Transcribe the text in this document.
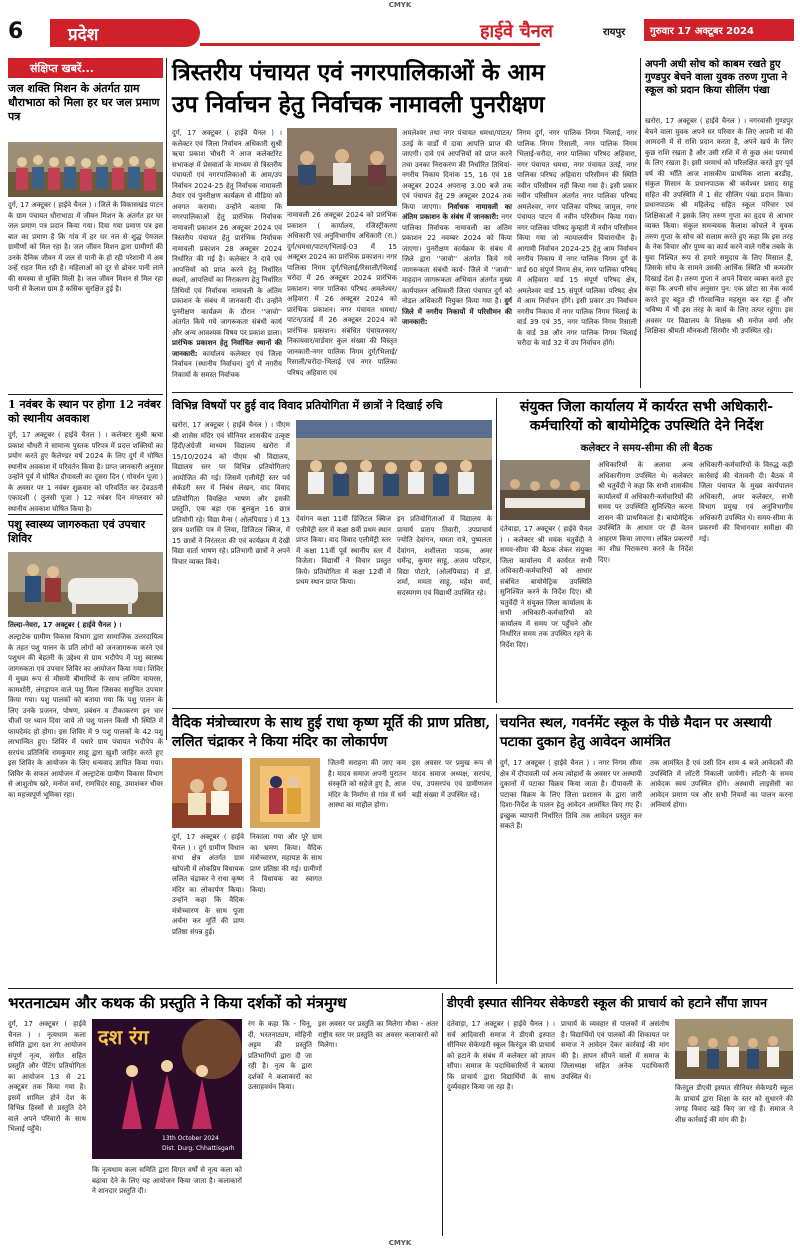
CMYK
CMYK
6	प्रदेश	हाईवे चैनल	रायपुर	गुरुवार 17 अक्टूबर 2024
संक्षिप्त खबरें...
जल शक्ति मिशन के अंतर्गत ग्राम धौराभाठा को मिला हर घर जल प्रमाण पत्र
दुर्ग, 17 अक्टूबर ( हाईवे चैनल ) । जिले के विकासखंड पाटन के ग्राम पंचायत धौराभाठा में जीवन मिशन के अंतर्गत हर घर जल प्रमाण पत्र प्रदान किया गया। दिया गया प्रमाण पत्र इस बात का प्रमाण है कि गांव में हर घर नल से शुद्ध पेयजल ग्रामीणों को मिल रहा है। जल जीवन मिशन द्वारा ग्रामीणों की उनके दैनिक जीवन में जल से पानी के हो रही परेशानी में अब उन्हें राहत मिल रही है। महिलाओं को दूर से ढोकर पानी लाने की समस्या से मुक्ति मिली है। जल जीवन मिशन से मिल रहा पानी से कैलाश ग्राम है कसिक सुरक्षित हुई है।
1 नवंबर के स्थान पर होगा 12 नवंबर को स्थानीय अवकाश
दुर्ग, 17 अक्टूबर ( हाईवे चैनल ) । कलेक्टर सुश्री ऋचा प्रकाश चौधरी ने सामान्य पुस्तक परिपत्र में प्रदत्त शक्तियों का प्रयोग करते हुए कैलेण्डर वर्ष 2024 के लिए दुर्ग में घोषित स्थानीय अवकाश में परिवर्तन किया है। प्राप्त जानकारी अनुसार उन्होंने पूर्व में घोषित दीपावली का दूसरा दिन ( गोवर्धन पूजा ) के अवसर पर 1 नवंबर शुक्रवार को परिवर्तित कर देवउठनी एकादशी ( तुलसी पूजा ) 12 नवंबर दिन मंगलवार को स्थानीय अवकाश घोषित किया है।
पशु स्वास्थ्य जागरुकता एवं उपचार शिविर
तिल्दा-नेवरा, 17 अक्टूबर ( हाईवे चैनल ) ।
अल्ट्राटेक ग्रामीण विकास विभाग द्वारा सामाजिक उत्तरदायित्व के तहत पशु पालन के प्रति लोगों को जनजागरूक करने एवं पशुधन की बेहतरी के उद्देश्य से ग्राम भदौपेप में पशु स्वास्थ्य जागरुकता एवं उपचार शिविर का आयोजन किया गया। शिविर में मुख्य रूप से मौसमी बीमारियों के साथ लम्पिग वायरस, कामशोरी, लंगड़ापन वाले पशु मिला जिसका समुचित उपचार किया गया। पशु पालकों को बताया गया कि पशु पालन के लिए उनके प्रजनन, पोषण, प्रबंधन व टीकाकरण इन चार चीजों पर ध्यान दिया जाये तो पशु पालन किसी भी स्थिति में फायदेमंद हो होगा। इस शिविर में 9 पशु पालकों के 42 पशु लाभान्वित हुए। शिविर में पधारे ग्राम पंचायत भदौपेप के सरपंच प्रतिनिधि रामकुमार साहू द्वारा खुशी जाहिर करते हुए इस शिविर के आयोजन के लिए धन्यवाद ज्ञापित किया गया। शिविर के सफल आयोजन में अल्ट्राटेक ग्रामीण विकास विभाग से आशुतोष खरे, मनोज वर्मा, रामचिदंर साहू, उमाशंकर धीवर का महत्त्वपूर्ण भूमिका रहा।
त्रिस्तरीय पंचायत एवं नगरपालिकाओं के आम
उप निर्वाचन हेतु निर्वाचक नामावली पुनरीक्षण
दुर्ग, 17 अक्टूबर ( हाईवे चैनल ) । कलेक्टर एवं जिला निर्वाचन अधिकारी सुश्री ऋचा प्रकाश चौधरी ने आज कलेक्टोरेट सभाकक्ष में प्रेसवार्ता के माध्यम से त्रिस्तरीय पंचायतों एवं नगरपालिकाओं के आम/उप निर्वाचन 2024-25 हेतु निर्वाचक नामावली तैयार एवं पुनरीक्षण कार्यक्रम से मीडिया को अवगत कराया। उन्होंने बताया कि नगरपालिकाओं हेतु प्रारंभिक निर्वाचक नामावली प्रकाशन 26 अक्टूबर 2024 एवं त्रिस्तरीय पंचायत हेतु प्रारंभिक निर्वाचक नामावली प्रकाशन 28 अक्टूबर 2024 निर्धारित की गई है। कलेक्टर ने दावे एवं आपत्तियों को प्राप्त करने हेतु निर्धारित स्थलों, आपत्तियों का निराकरण हेतु निर्धारित तिथियों एवं निर्वाचक नामावली के अंतिम प्रकाशन के संबंध में जानकारी दी। उन्होंने पुनरीक्षण कार्यक्रम के दौरान ''जावो'' अंतर्गत किये गये जागरूकता संबंधी कार्य और अन्य आवश्यक विषय पर प्रकाश डाला। प्रारंभिक प्रकाशन हेतु निर्वाचित स्थानों की जानकारी: कार्यालय कलेक्टर एवं जिला निर्वाचन (स्थानीय निर्वाचन) दुर्ग में नगरीय निकायों के समस्त निर्वाचक
नामावली 26 अक्टूबर 2024 को प्रारंभिक प्रकाशन ( कार्यालय, रजिस्ट्रीकरण अधिकारी एवं अनुविभागीय अधिकारी (रा.) दुर्ग/धमधा/पाटन/भिलाई-03 में 15 अक्टूबर 2024 का प्रारंभिक प्रकाशन। नगर पालिका निगम दुर्ग/भिलाई/रिसाली/भिलाई चरोदा में 26 अक्टूबर 2024 प्रारंभिक प्रकाशन। नगर पालिका परिषद अमलेश्वर/अहिवारा में 26 अक्टूबर 2024 को प्रारंभिक प्रकाशन। नगर पंचायत धमधा/पाटन/उतई में 26 अक्टूबर 2024 को प्रारंभिक प्रकाशन। संबंधित पंचायतकार/निकायवार/वार्डवार कुल संख्या की विस्तृत जानकारी-नगर पालिक निगम दुर्ग/भिलाई/रिसाली/चरोदा-भिलाई एवं नगर पालिका परिषद अहिवारा एवं
अमलेश्वर तथा नगर पंचायत धमधा/पाटन/उतई के वार्डों में दावा आपत्ति प्राप्त की जाएगी। दावे एवं आपत्तियों को प्राप्त करने तथा उनका निराकरण की निर्धारित तिथियां-नगरीय निकाय दिनांक 15, 16 एवं 18 अक्टूबर 2024 अपरान्ह 3.00 बजे तक एवं पंचायत हेतु 29 अक्टूबर 2024 तक किया जाएगा। निर्वाचक नामावली का अंतिम प्रकाशन के संबंध में जानकारी: नगर पालिका निर्वाचक नामावली का अंतिम प्रकाशन 22 नवम्बर 2024 को किया जाएगा। पुनरीक्षण कार्यक्रम के संबंध में जिले द्वारा ''जावो'' अंतर्गत किये गये जागरूकता संबंधी कार्य- जिले में ''जावो'' माहदान जागरूकता अभियान अंतर्गत मुख्य कार्यपालन अधिकारी जिला पंचायत दुर्ग को नोडल अधिकारी नियुक्त किया गया है। दुर्ग जिले में नगरीय निकायों में परिसीमन की जानकारी:
निगम दुर्ग, नगर पालिक निगम भिलाई, नगर पालिक निगम रिसाली, नगर पालिक निगम भिलाई-चरौदा, नगर पालिका परिषद अहिवारा, नगर पंचायत धमधा, नगर पंचायत उतई, नगर पालिका परिषद अहिवारा परिसीमन की स्थिति नवीन परिसीमन नहीं किया गया है। इसी प्रकार नवीन परिसीमन अंतर्गत नगर पालिका परिषद अमलेश्वर, नगर पालिका परिषद जामुल, नगर पंचायत पाटन में नवीन परिसीमन किया गया। नगर पालिका परिषद कुम्हारी में नवीन परिसीमन किया गया जो न्यायालयीन विचाराधीन है। आगामी निर्वाचन 2024-25 हेतु आम निर्वाचन नगरीय निकाय में नगर पालिक निगम दुर्ग के वार्ड 60 संपूर्ण निगम क्षेत्र, नगर पालिका परिषद में अहिवारा वार्ड 15 संपूर्ण परिषद क्षेत्र, अमलेश्वर वार्ड 15 संपूर्ण पालिका परिषद क्षेत्र में आम निर्वाचन होंगे। इसी प्रकार उप निर्वाचन नगरीय निकाय में नगर पालिक निगम भिलाई के वार्ड 39 एवं 35, नगर पालिक निगम रिसाली के वार्ड 38 और नगर पालिक निगम भिलाई चरौदा के वार्ड 32 में उप निर्वाचन होंगे।
अपनी अधी सोच को काबम रखते हुए गुण्डपुर बेचने वाला युवक तरुण गुप्ता ने स्कूल को प्रदान किया सीलिंग पंखा
खरोरा, 17 अक्टूबर ( हाईवे चैनल ) । नगरवासी गुण्डपुर बेचने वाला युवक अपने घर परिवार के लिए अपनी मां की आमदनी में से राशि प्रदान करता है, अपने खर्च के लिए कुछ राशि रखता है और उसी राशि में से कुछ अंश परमार्थ के लिए रखता है। इसी परमार्थ को परिलक्षित करते हुए पूर्व वर्ष की भाँति आज शासकीय प्राथमिक शाला बरडीह, संकुल मिसान के प्रधानपाठक श्री कमेश्वर प्रसाद साहू सहित की उपस्थिति में 1 सेट सीलिंग पंखा प्रदान किया। प्रधानपाठक श्री महिलेन्द्र सहित स्कूल परिवार एवं शिक्षिकाओं ने इसके लिए तरुण गुप्ता का हृदय से आभार व्यक्त किया। संकुल समन्वयक कैलाश कोचले ने युवक तरुण गुप्ता के सोच को सलाम करते हुए कहा कि इस तरह के नेक विचार और पुण्य का कार्य करने वाले गरीब तबके के युवा निश्चित रूप से हमारे समुदाय के लिए मिसाल हैं, जिसके सोच के सामने उसकी आर्थिक स्थिति भी कमजोर दिखाई देता है। तरुण गुप्ता ने अपने विचार व्यक्त करते हुए कहा कि अपनी सोच अनुसार पुन: एक छोटा सा नेक कार्य करते हुए बहुत ही गौरवान्वित महसूस कर रहा हूँ और भविष्य में भी इस तरह के कार्य के लिए तत्पर रहूंगा। इस अवसर पर विद्यालय के शिक्षक श्री मनोज वर्मा और शिक्षिका श्रीमती मौनकशी सिरमौर भी उपस्थित रहे।
विभिन्न विषयों पर हुई वाद विवाद प्रतियोगिता में छात्रों ने दिखाई रुचि
खरोरा, 17 अक्टूबर ( हाईवे चैनल ) । पीएम श्री शासेस मंदिर एवं सीनियर शासकीय उत्कृष्ट हिंदी/अंग्रेजी माध्यम विद्यालय खरोरा में 15/10/2024 को पीएम श्री विद्यालय, विद्यालय स्तर पर विभिन्न प्रतियोगिताएं आयोजित की गई। जिसमें एलीमेंट्री स्तर पर्व सेकेंडरी स्तर में निबंध लेखन, वाद विवाद प्रतियोगिता विवक्षित भाषण और इसकी प्रस्तुति, एक बड़ा एक बुलबुल 16 छात्र प्रतियोगी रहे। विद्या मैन्स ( ओलंपियाड ) में 13 छात्र प्रशस्ति पत्र में लिया, डिजिटल क्विज, में 15 छात्रों ने निरंतरता की एवं कार्यक्रम में देखी विद्या वार्ता भाषण रहे। प्रतिभागी छात्रों ने अपने विचार व्यक्त किये।
देवांगन कक्षा 11वीं डिजिटल क्विज एलीमेंट्री स्तर में कक्षा 8वीं प्रथम स्थान प्राप्त किया। वाद विवाद एलीमेंट्री स्तर में कक्षा 11वीं पूर्व स्थानीय स्तर में विजेता। विद्यार्थी ने विचार प्रस्तुत किये। प्रतियोगिता में कक्षा 12वीं में प्रथम स्थान प्राप्त किया।
इन प्रतियोगिताओं में विद्यालय के प्राचार्य प्रताप तिवारी, उपप्राचार्य ज्योति देवांगन, ममता रात्रे, पुष्पलता देवांगन, शशीलता पाठक, अमर धर्मेन्द्र, कुमार साहू, अजय परिहार, विद्या पोटारे, (ओलंपियाड) में डॉ. शर्मा, ममता साहू, महेश वर्मा, सदस्यगण एवं विद्यार्थी उपस्थित रहे।
संयुक्त जिला कार्यालय में कार्यरत सभी अधिकारी-कर्मचारियों को बायोमेट्रिक उपस्थिति देने निर्देश
कलेक्टर ने समय-सीमा की ली बैठक
दंतेवाड़ा, 17 अक्टूबर ( हाईवे चैनल ) । कलेक्टर श्री मयंक चतुर्वेदी ने समय-सीमा की बैठक लेकर संयुक्त जिला कार्यालय में कार्यरत सभी अधिकारी-कर्मचारियों को आधार संबंधित बायोमेट्रिक उपस्थिति सुनिश्चित करने के निर्देश दिए। श्री चतुर्वेदी ने संयुक्त जिला कार्यालय के सभी अधिकारी-कर्मचारियों को कार्यालय में समय पर पहुँचने और निर्धारित समय तक उपस्थित रहने के निर्देश दिए।
अधिकारियों के अलावा अन्य अधिकारीगण उपस्थित थे। कलेक्टर श्री चतुर्वेदी ने कहा कि सभी शासकीय कार्यालयों में अधिकारी-कर्मचारियों की समय पर उपस्थिति सुनिश्चित करना शासन की प्राथमिकता है। बायोमेट्रिक उपस्थिति के आधार पर ही वेतन आहरण किया जाएगा। लंबित प्रकरणों का शीघ्र निराकरण करने के निर्देश दिए।
अधिकारी-कर्मचारियों के विरुद्ध कड़ी कार्रवाई की चेतावनी दी। बैठक में जिला पंचायत के मुख्य कार्यपालन अधिकारी, अपर कलेक्टर, सभी विभाग प्रमुख एवं अनुविभागीय अधिकारी उपस्थित थे। समय-सीमा के प्रकरणों की विभागवार समीक्षा की गई।
वैदिक मंत्रोच्चारण के साथ हुई राधा कृष्ण मूर्ति की प्राण प्रतिष्ठा, ललित चंद्राकर ने किया मंदिर का लोकार्पण
दुर्ग, 17 अक्टूबर ( हाईवे चैनल ) । दुर्ग ग्रामीण विधान सभा क्षेत्र अंतर्गत ग्राम खोपली में लोकप्रिय विधायक ललित चंद्राकर ने राधा कृष्ण मंदिर का लोकार्पण किया। उन्होंने कहा कि वैदिक मंत्रोच्चारण के साथ पूजा अर्चना कर मूर्ति की प्राण प्रतिष्ठा संपन्न हुई।
निकाला गया और पूरे ग्राम का भ्रमण किया। वैदिक मंत्रोच्चारण, महायज्ञ के साथ प्राण प्रतिष्ठा की गई। ग्रामीणों ने विधायक का स्वागत किया।
जितनी सराहना की जाए कम है। यादव समाज अपनी पुरातन संस्कृति को सहेजे हुए है, आज मंदिर के निर्माण से गांव में धर्म आस्था का माहौल होगा।
इस अवसर पर प्रमुख रूप से यादव समाज अध्यक्ष, सरपंच, पंच, उपसरपंच एवं ग्रामीणजन बड़ी संख्या में उपस्थित रहे।
चयनित स्थल, गवर्नमेंट स्कूल के पीछे मैदान पर अस्थायी पटाका दुकान हेतु आवेदन आमंत्रित
दुर्ग, 17 अक्टूबर ( हाईवे चैनल ) । नगर निगम सीमा क्षेत्र में दीपावली पर्व अन्य त्योहारों के अवसर पर अस्थायी दुकानों में पटाका विक्रय किया जाता है। दीपावली के पटाका विक्रय के लिए जिला प्रशासन के द्वारा जारी दिशा-निर्देश के पालन हेतु आवेदन आमंत्रित किए गए हैं। इच्छुक व्यापारी निर्धारित तिथि तक आवेदन प्रस्तुत कर सकते हैं।
तक आमंत्रित है एवं उसी दिन शाम 4 बजे आवेदकों की उपस्थिति में लॉटरी निकाली जायेगी। लॉटरी के समय आवेदक स्वयं उपस्थित होंगे। अस्थायी लाइसेंसी का आवेदन प्रमाण पत्र और सभी नियमों का पालन करना अनिवार्य होगा।
भरतनाट्यम और कथक की प्रस्तुति ने किया दर्शकों को मंत्रमुग्ध
दुर्ग, 17 अक्टूबर ( हाईवे चैनल ) । नृत्यधाम कला समिति द्वारा दश रंग आयोजन संपूर्ण नृत्य, संगीत सहित प्रस्तुति और पेंटिंग प्रतियोगिता का आयोजन 13 से 21 अक्टूबर तक किया गया है। इसमें शामिल होने देश के विभिन्न हिस्सों से प्रस्तुति देने वाले अपने परिवारों के साथ भिलाई पहुँचे।
दश रंग
13th October 2024
Dist. Durg, Chhattisgarh
रंग के कहा कि - चिनू, दी, भरतनाट्यम, मोहिनी अट्टम की प्रस्तुति प्रतिभागियों द्वारा दी जा रही है। नृत्य के द्वारा दर्शकों ने कलाकारों का उत्साहवर्धन किया।
कि नृत्यधाम कला समिति द्वारा विगत वर्षों से नृत्य कला को बढ़ावा देने के लिए यह आयोजन किया जाता है। कलाकारों ने शानदार प्रस्तुति दी।
इस अवसर पर प्रस्तुति का मिलेगा मौका - अंतर राष्ट्रीय स्तर पर प्रस्तुति का अवसर कलाकारों को मिलेगा।
डीएवी इस्पात सीनियर सेकेण्डरी स्कूल की प्राचार्य को हटाने सौंपा ज्ञापन
दंतेवाड़ा, 17 अक्टूबर ( हाईवे चैनल ) । सर्व आदिवासी समाज ने डीएवी इस्पात सीनियर सेकेण्डरी स्कूल किरंदुल की प्राचार्य को हटाने के संबंध में कलेक्टर को ज्ञापन सौंपा। समाज के पदाधिकारियों ने बताया कि प्राचार्य द्वारा विद्यार्थियों के साथ दुर्व्यवहार किया जा रहा है।
प्राचार्य के व्यवहार से पालकों में असंतोष है। विद्यार्थियों एवं पालकों की शिकायत पर समाज ने आवेदन देकर कार्रवाई की मांग की है। ज्ञापन सौंपने वालों में समाज के जिलाध्यक्ष सहित अनेक पदाधिकारी उपस्थित थे।
किरंदुल डीएवी इस्पात सीनियर सेकेण्डरी स्कूल के प्राचार्य द्वारा शिक्षा के स्तर को सुधारने की जगह विवाद खड़े किए जा रहे हैं। समाज ने शीघ्र कार्रवाई की मांग की है।
